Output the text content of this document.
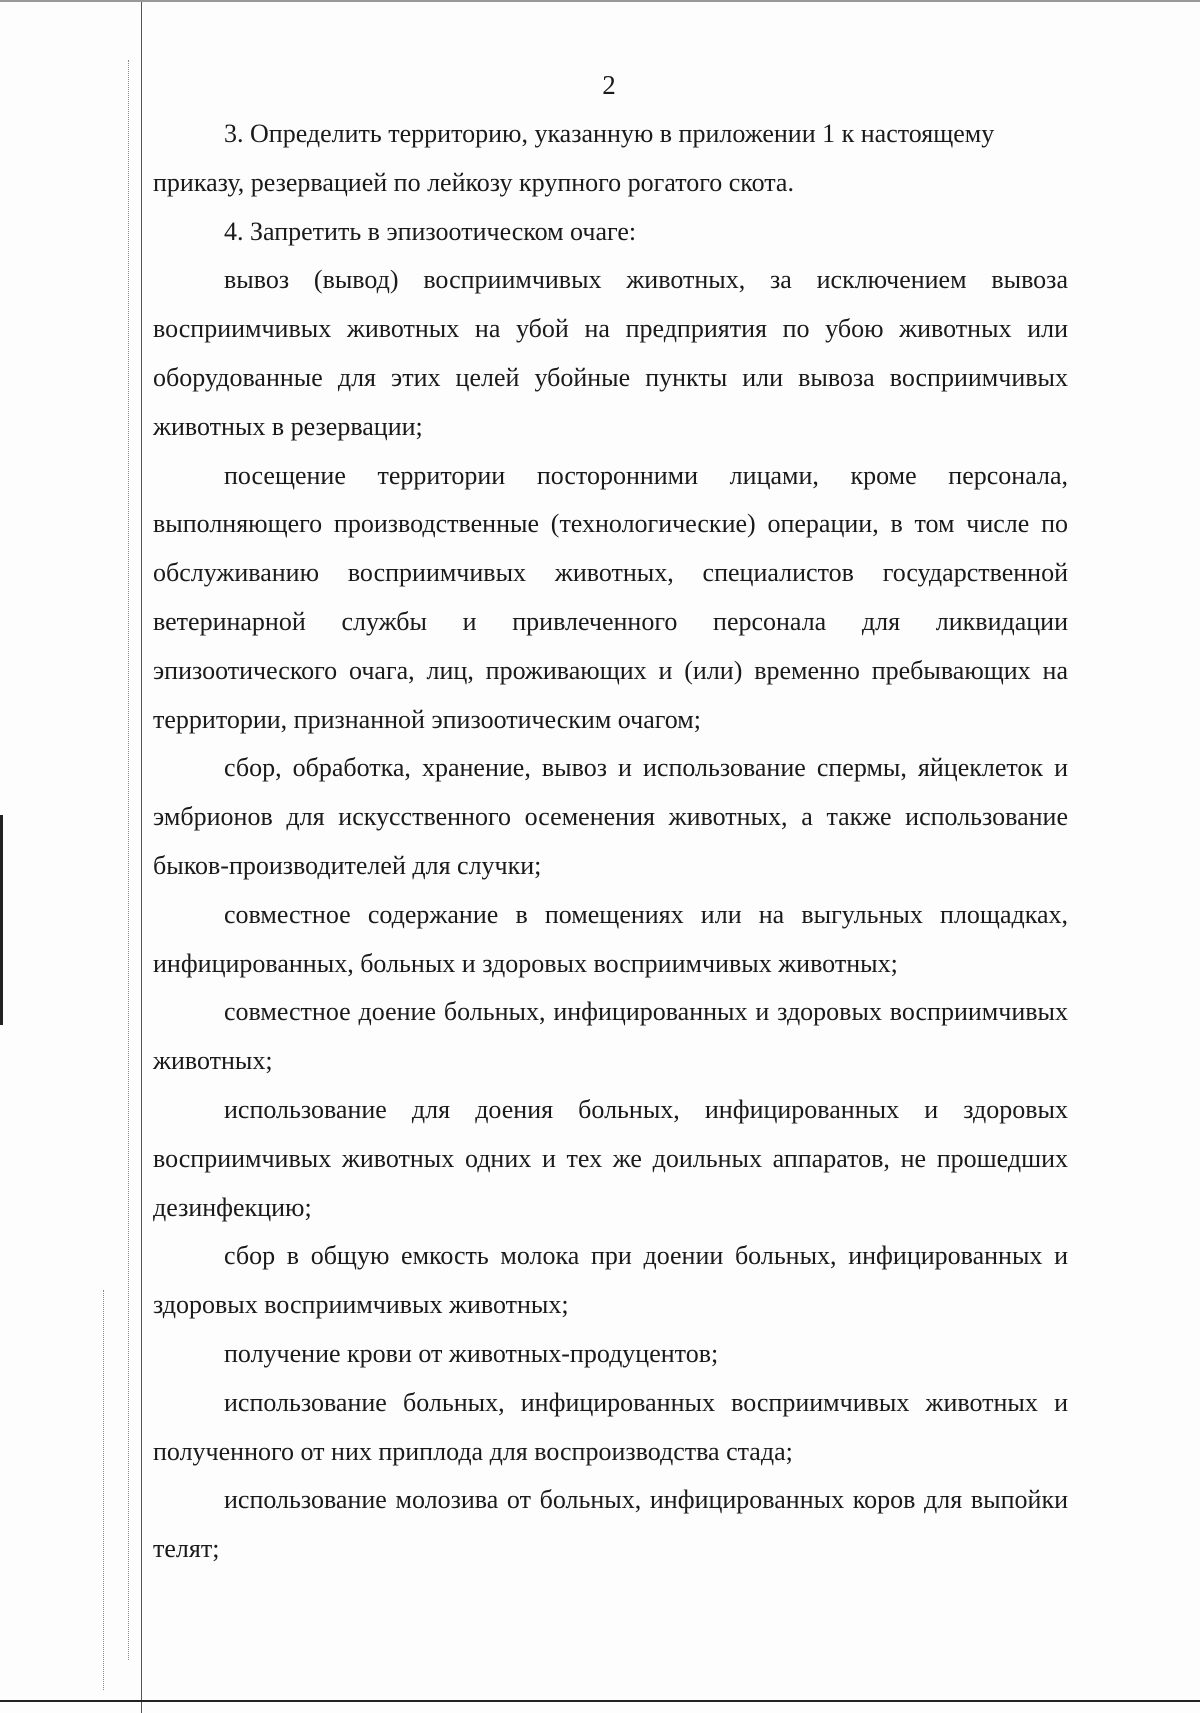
2

3. Определить территорию, указанную в приложении 1 к настоящему приказу, резервацией по лейкозу крупного рогатого скота.

4. Запретить в эпизоотическом очаге:

вывоз (вывод) восприимчивых животных, за исключением вывоза восприимчивых животных на убой на предприятия по убою животных или оборудованные для этих целей убойные пункты или вывоза восприимчивых животных в резервации;

посещение территории посторонними лицами, кроме персонала, выполняющего производственные (технологические) операции, в том числе по обслуживанию восприимчивых животных, специалистов государственной ветеринарной службы и привлеченного персонала для ликвидации эпизоотического очага, лиц, проживающих и (или) временно пребывающих на территории, признанной эпизоотическим очагом;

сбор, обработка, хранение, вывоз и использование спермы, яйцеклеток и эмбрионов для искусственного осеменения животных, а также использование быков-производителей для случки;

совместное содержание в помещениях или на выгульных площадках, инфицированных, больных и здоровых восприимчивых животных;

совместное доение больных, инфицированных и здоровых восприимчивых животных;

использование для доения больных, инфицированных и здоровых восприимчивых животных одних и тех же доильных аппаратов, не прошедших дезинфекцию;

сбор в общую емкость молока при доении больных, инфицированных и здоровых восприимчивых животных;

получение крови от животных-продуцентов;

использование больных, инфицированных восприимчивых животных и полученного от них приплода для воспроизводства стада;

использование молозива от больных, инфицированных коров для выпойки телят;
